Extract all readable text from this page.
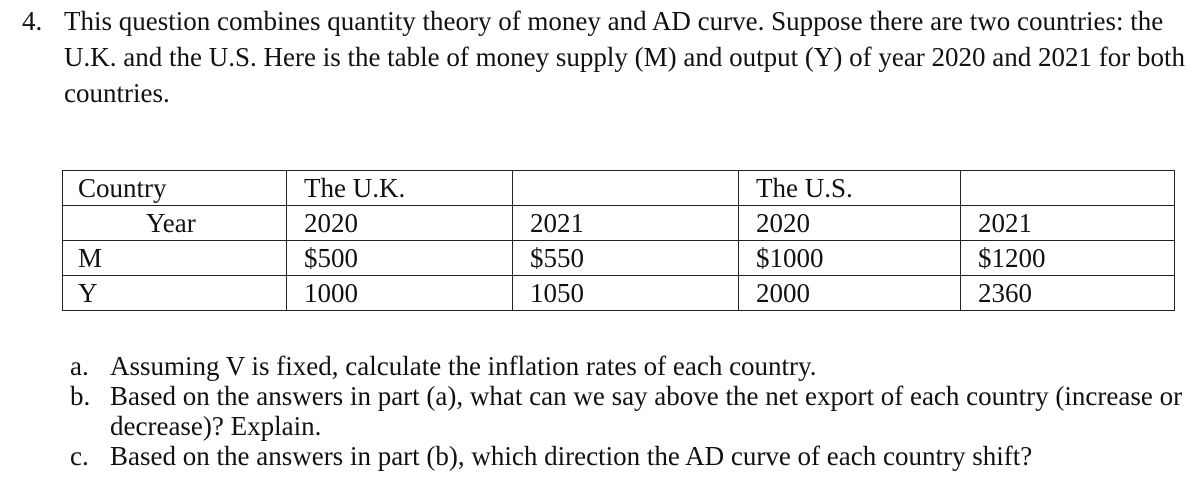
4. This question combines quantity theory of money and AD curve. Suppose there are two countries: the U.K. and the U.S. Here is the table of money supply (M) and output (Y) of year 2020 and 2021 for both countries.
Country	The U.K.		The U.S.	
Year	2020	2021	2020	2021
M	$500	$550	$1000	$1200
Y	1000	1050	2000	2360
a. Assuming V is fixed, calculate the inflation rates of each country.
b. Based on the answers in part (a), what can we say above the net export of each country (increase or decrease)? Explain.
c. Based on the answers in part (b), which direction the AD curve of each country shift?
